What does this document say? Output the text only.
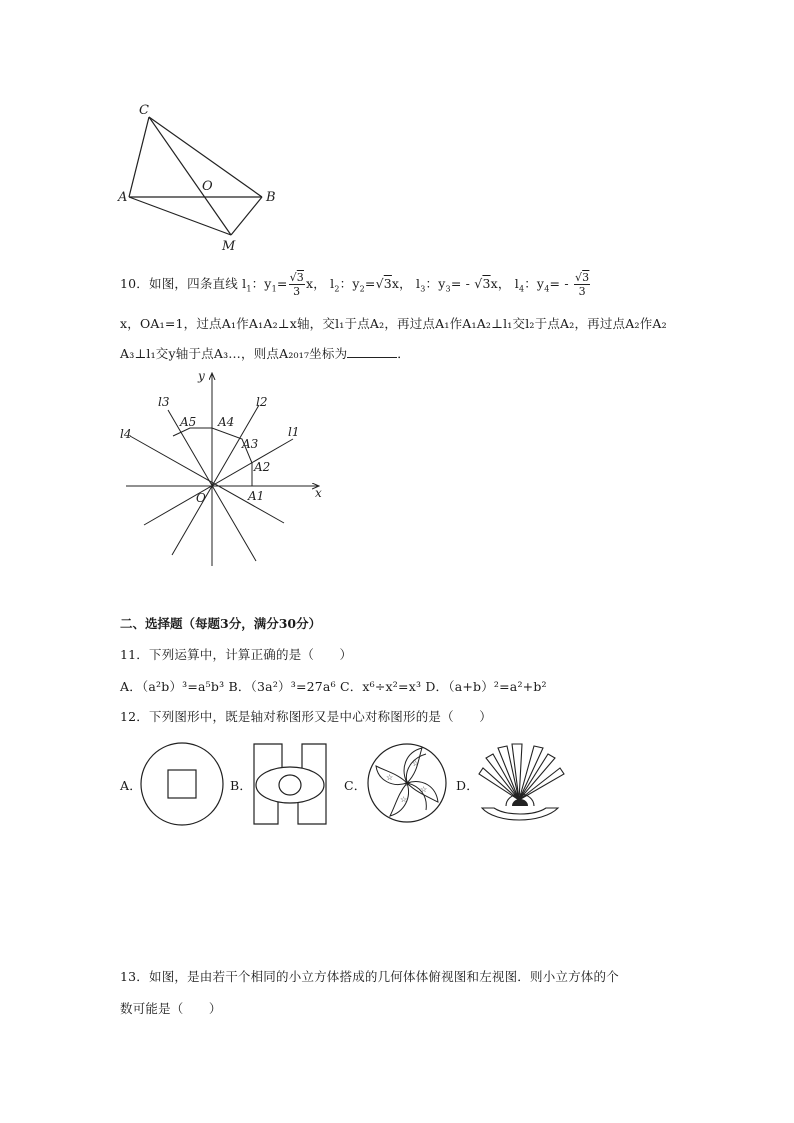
C
O
A	B
M
10．如图，四条直线 $l_1$：$y_1= \frac{√3}{3}$ x， $l_2$：$y_2=√3x$， $l_3$：$y_3= - √3x$， $l_4$：$y_4= - \frac{√3}{3}$
x，OA₁=1，过点A₁作A₁A₂⊥x轴，交l₁于点A₂，再过点A₁作A₁A₂⊥l₁交l₂于点A₂，再过点A₂作A₂
A₃⊥l₁交y轴于点A₃…，则点A₂₀₁₇坐标为	．
y
x
O
l3	l2
l1
l4
A5 A4
A3
A2
A1
二、选择题（每题3分，满分30分）
11．下列运算中，计算正确的是（　　）
A．（a²b）³=a⁵b³ B．（3a²）³=27a⁶ C．x⁶÷x²=x³ D．（a+b）²=a²+b²
12．下列图形中，既是轴对称图形又是中心对称图形的是（　　）
A．	B．	C．
☆
☆
☆
☆
☆	D．
13．如图，是由若干个相同的小立方体搭成的几何体体俯视图和左视图．则小立方体的个
数可能是（　　）
